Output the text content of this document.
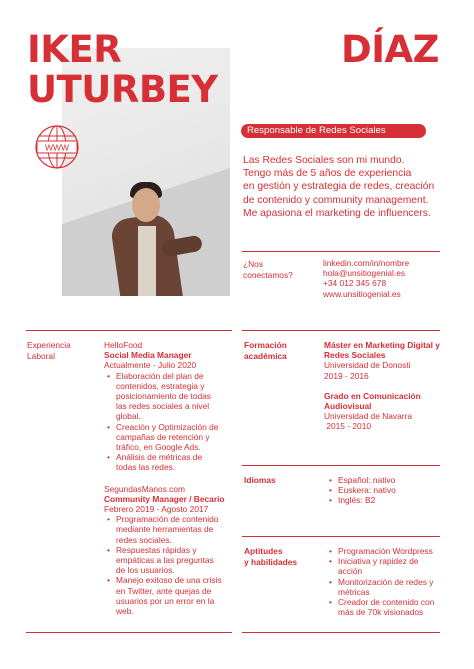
IKER	DÍAZ
UTURBEY
WWW
Responsable de Redes Sociales
Las Redes Sociales son mi mundo.
Tengo más de 5 años de experiencia
en gestión y estrategia de redes, creación
de contenido y community management.
Me apasiona el marketing de influencers.
¿Nos
conectamos?
linkedin.com/in/nombre
hola@unsitiogenial.es
+34 012 345 678
www.unsitiogenial.es
Experiencia
Laboral
HelloFood
Social Media Manager
Actualmente - Julio 2020
• Elaboración del plan de
contenidos, estrategia y
posicionamiento de todas
las redes sociales a nivel
global.
• Creación y Optimización de
campañas de retención y
tráfico, en Google Ads.
• Análisis de métricas de
todas las redes.
SegundasManos.com
Community Manager / Becario
Febrero 2019 - Agosto 2017
• Programación de contenido
mediante herramientas de
redes sociales.
• Respuestas rápidas y
empáticas a las preguntas
de los usuarios.
• Manejo exitoso de una crisis
en Twitter, ante quejas de
usuarios por un error en la
web.
Formación
académica
Máster en Marketing Digital y
Redes Sociales
Universidad de Donosti
2019 - 2016
Grado en Comunicación
Audiovisual
Universidad de Navarra
2015 - 2010
Idiomas
•	Español: nativo
• Euskera: nativo
• Inglés: B2
Aptitudes
y habilidades
• Programación Wordpress
• Iniciativa y rapidez de
acción
• Monitorización de redes y
métricas
• Creador de contenido con
más de 70k visionados
